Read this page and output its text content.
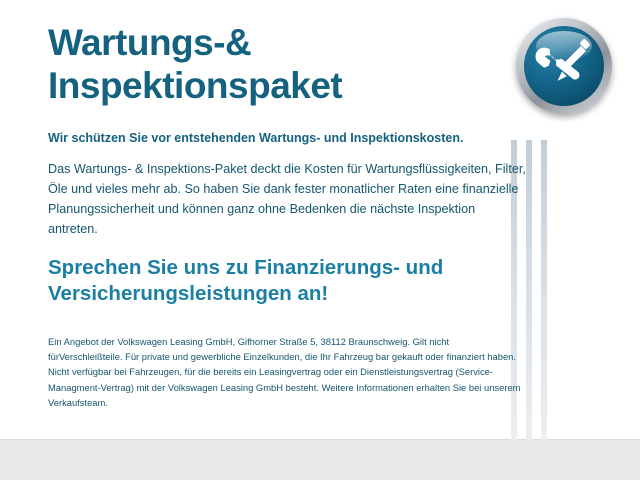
Wartungs-&
Inspektionspaket
Wir schützen Sie vor entstehenden Wartungs- und Inspektionskosten.
Das Wartungs- & Inspektions-Paket deckt die Kosten für Wartungsflüssigkeiten, Filter, Öle und vieles mehr ab. So haben Sie dank fester monatlicher Raten eine finanzielle Planungssicherheit und können ganz ohne Bedenken die nächste Inspektion antreten.
Sprechen Sie uns zu Finanzierungs- und
Versicherungsleistungen an!
Ein Angebot der Volkswagen Leasing GmbH, Gifhorner Straße 5, 38112 Braunschweig. Gilt nicht fürVerschleißteile. Für private und gewerbliche Einzelkunden, die Ihr Fahrzeug bar gekauft oder finanziert haben. Nicht verfügbar bei Fahrzeugen, für die bereits ein Leasingvertrag oder ein Dienstleistungsvertrag (Service-Managment-Vertrag) mit der Volkswagen Leasing GmbH besteht. Weitere Informationen erhalten Sie bei unserem Verkaufsteam.
